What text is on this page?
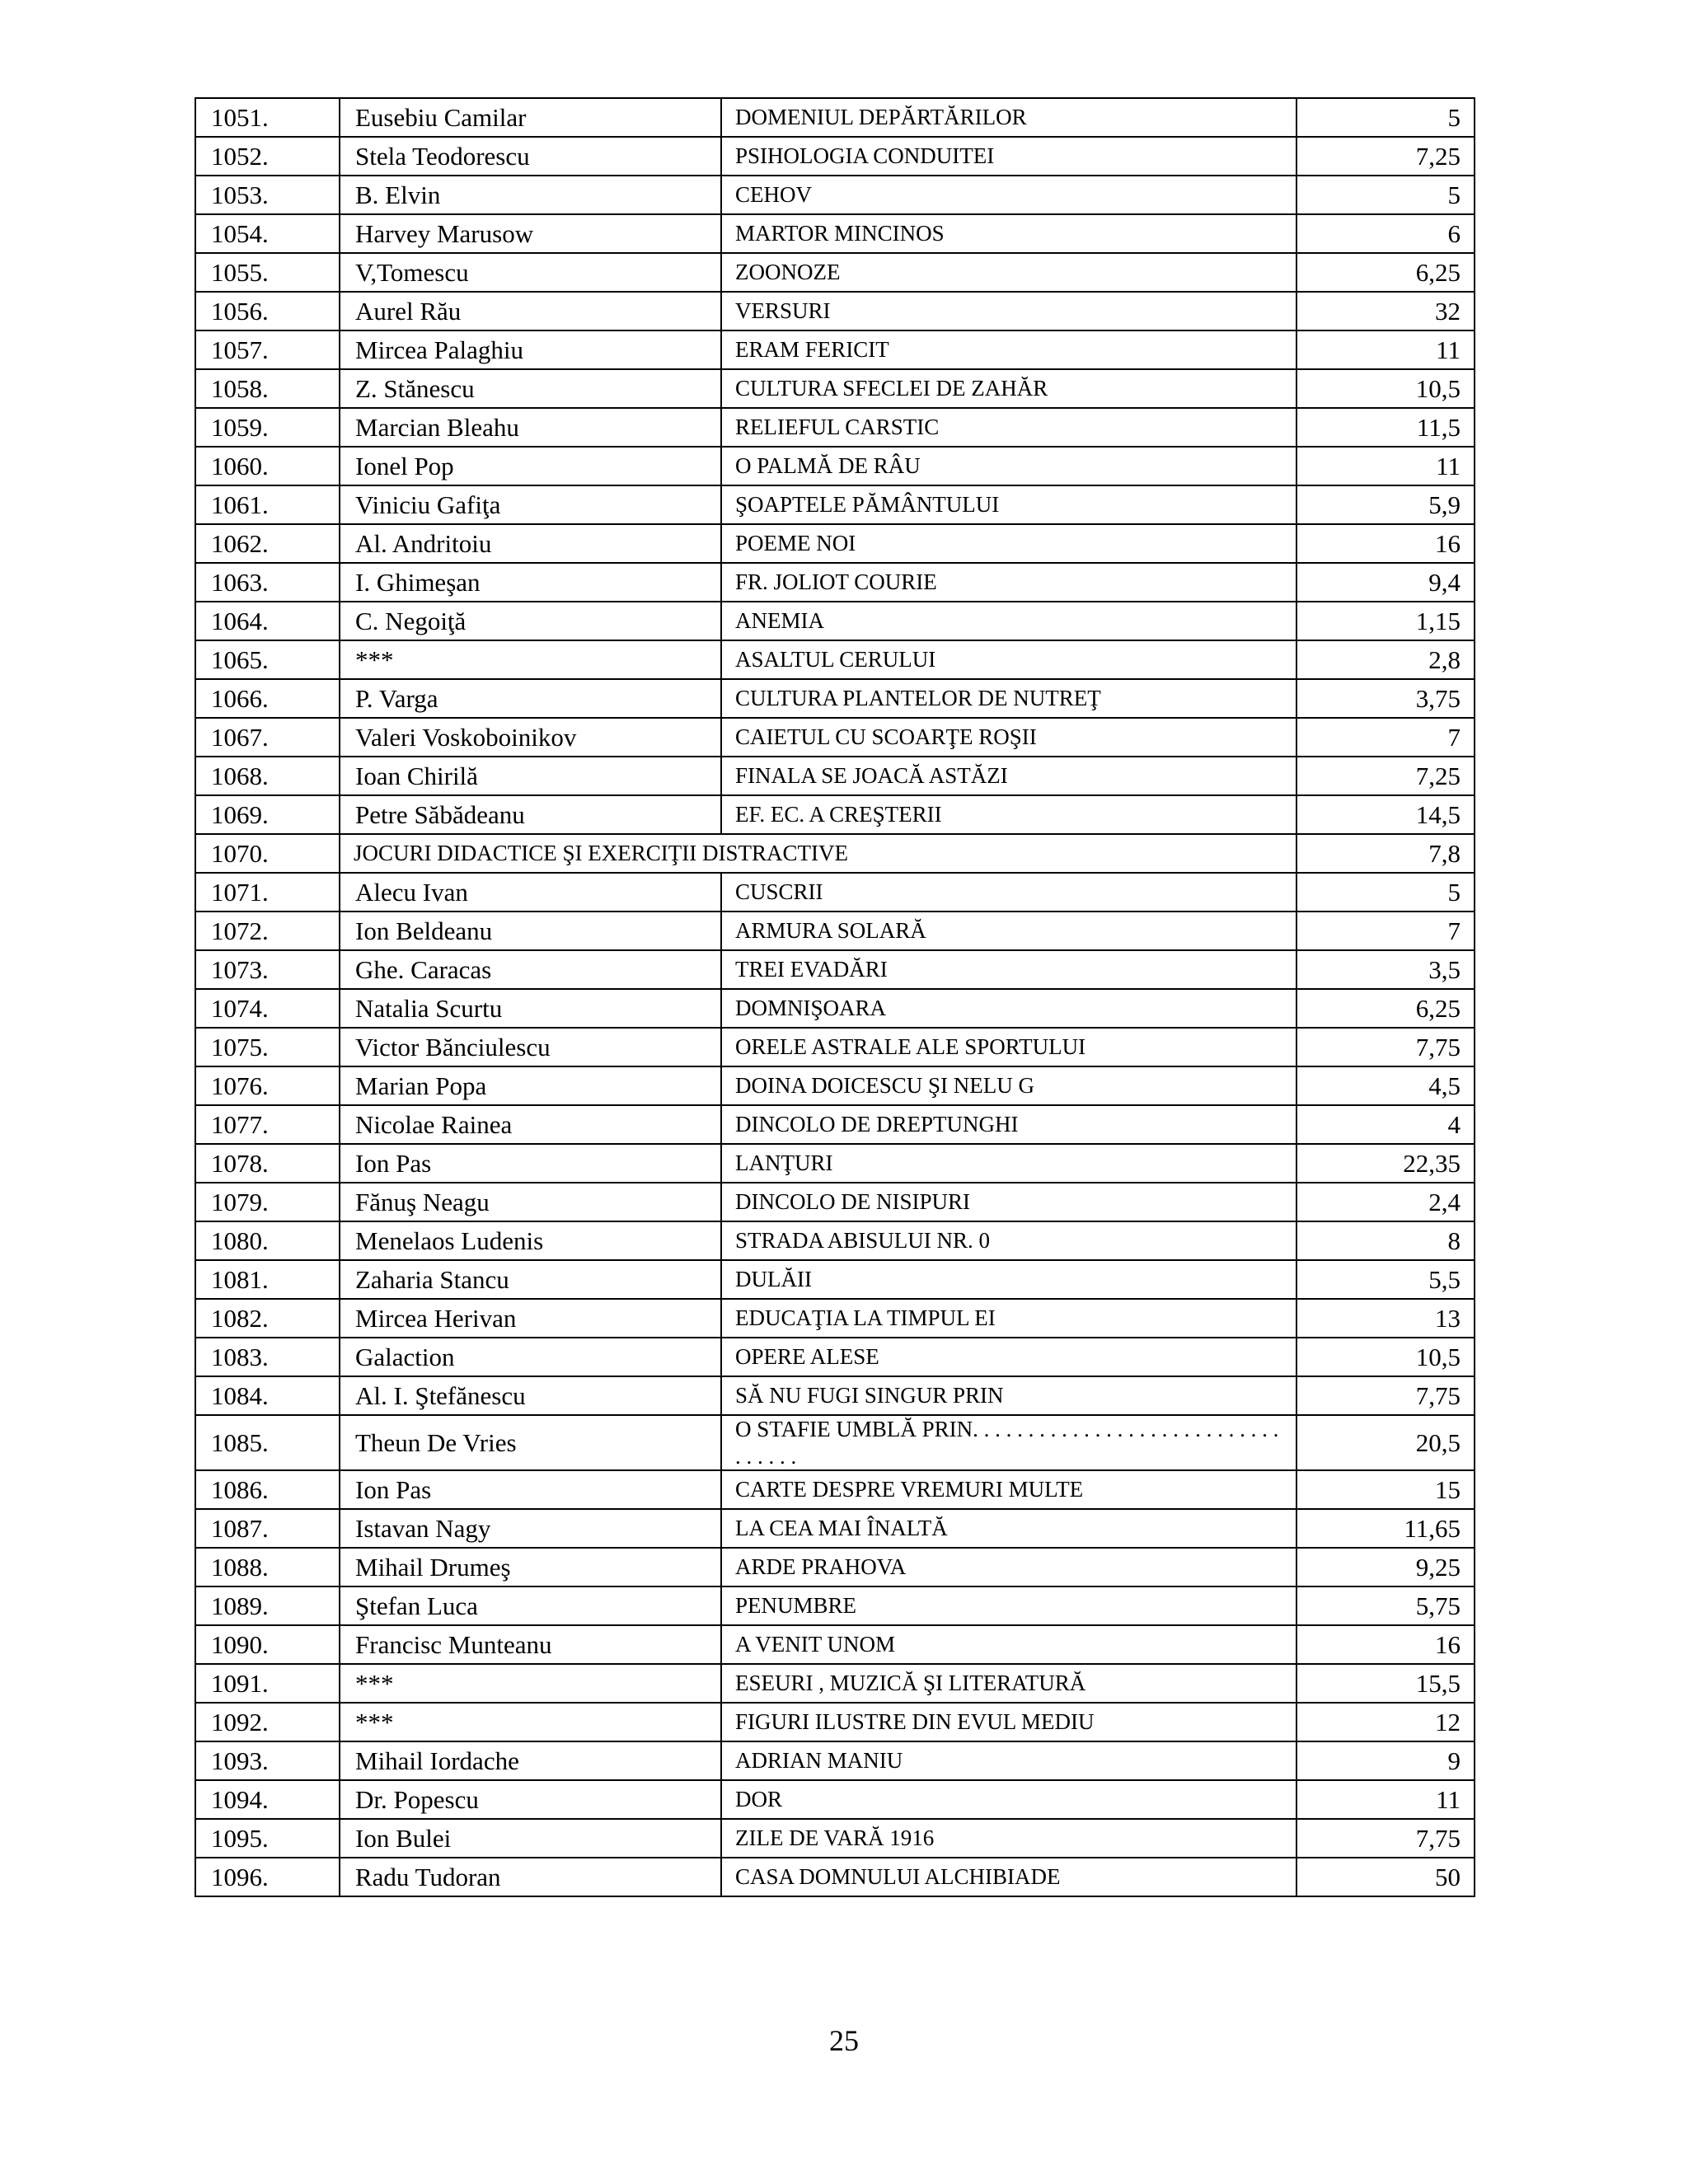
1051.	Eusebiu Camilar	DOMENIUL DEPĂRTĂRILOR	5
1052.	Stela Teodorescu	PSIHOLOGIA CONDUITEI	7,25
1053.	B. Elvin	CEHOV	5
1054.	Harvey Marusow	MARTOR MINCINOS	6
1055.	V,Tomescu	ZOONOZE	6,25
1056.	Aurel Rău	VERSURI	32
1057.	Mircea Palaghiu	ERAM FERICIT	11
1058.	Z. Stănescu	CULTURA SFECLEI DE ZAHĂR	10,5
1059.	Marcian Bleahu	RELIEFUL CARSTIC	11,5
1060.	Ionel Pop	O PALMĂ DE RÂU	11
1061.	Viniciu Gafiţa	ŞOAPTELE PĂMÂNTULUI	5,9
1062.	Al. Andritoiu	POEME NOI	16
1063.	I. Ghimeşan	FR. JOLIOT COURIE	9,4
1064.	C. Negoiţă	ANEMIA	1,15
1065.	***	ASALTUL CERULUI	2,8
1066.	P. Varga	CULTURA PLANTELOR DE NUTREŢ	3,75
1067.	Valeri Voskoboinikov	CAIETUL CU SCOARŢE ROŞII	7
1068.	Ioan Chirilă	FINALA SE JOACĂ ASTĂZI	7,25
1069.	Petre Săbădeanu	EF. EC. A CREŞTERII	14,5
1070.	JOCURI DIDACTICE ŞI EXERCIŢII DISTRACTIVE		7,8
1071.	Alecu Ivan	CUSCRII	5
1072.	Ion Beldeanu	ARMURA SOLARĂ	7
1073.	Ghe. Caracas	TREI EVADĂRI	3,5
1074.	Natalia Scurtu	DOMNIŞOARA	6,25
1075.	Victor Bănciulescu	ORELE ASTRALE ALE SPORTULUI	7,75
1076.	Marian Popa	DOINA DOICESCU ŞI NELU G	4,5
1077.	Nicolae Rainea	DINCOLO DE DREPTUNGHI	4
1078.	Ion Pas	LANŢURI	22,35
1079.	Fănuş Neagu	DINCOLO DE NISIPURI	2,4
1080.	Menelaos Ludenis	STRADA ABISULUI NR. 0	8
1081.	Zaharia Stancu	DULĂII	5,5
1082.	Mircea Herivan	EDUCAŢIA LA TIMPUL EI	13
1083.	Galaction	OPERE ALESE	10,5
1084.	Al. I. Ştefănescu	SĂ NU FUGI SINGUR PRIN	7,75
1085.	Theun De Vries	O STAFIE UMBLĂ PRIN. . . . . . . . . . . . . . . . . . . . . . . . . . . . . . . . . .	20,5
1086.	Ion Pas	CARTE DESPRE VREMURI MULTE	15
1087.	Istavan Nagy	LA CEA MAI ÎNALTĂ	11,65
1088.	Mihail Drumeş	ARDE PRAHOVA	9,25
1089.	Ştefan Luca	PENUMBRE	5,75
1090.	Francisc Munteanu	A VENIT UNOM	16
1091.	***	ESEURI , MUZICĂ ŞI LITERATURĂ	15,5
1092.	***	FIGURI ILUSTRE DIN EVUL MEDIU	12
1093.	Mihail Iordache	ADRIAN MANIU	9
1094.	Dr. Popescu	DOR	11
1095.	Ion Bulei	ZILE DE VARĂ 1916	7,75
1096.	Radu Tudoran	CASA DOMNULUI ALCHIBIADE	50
25
